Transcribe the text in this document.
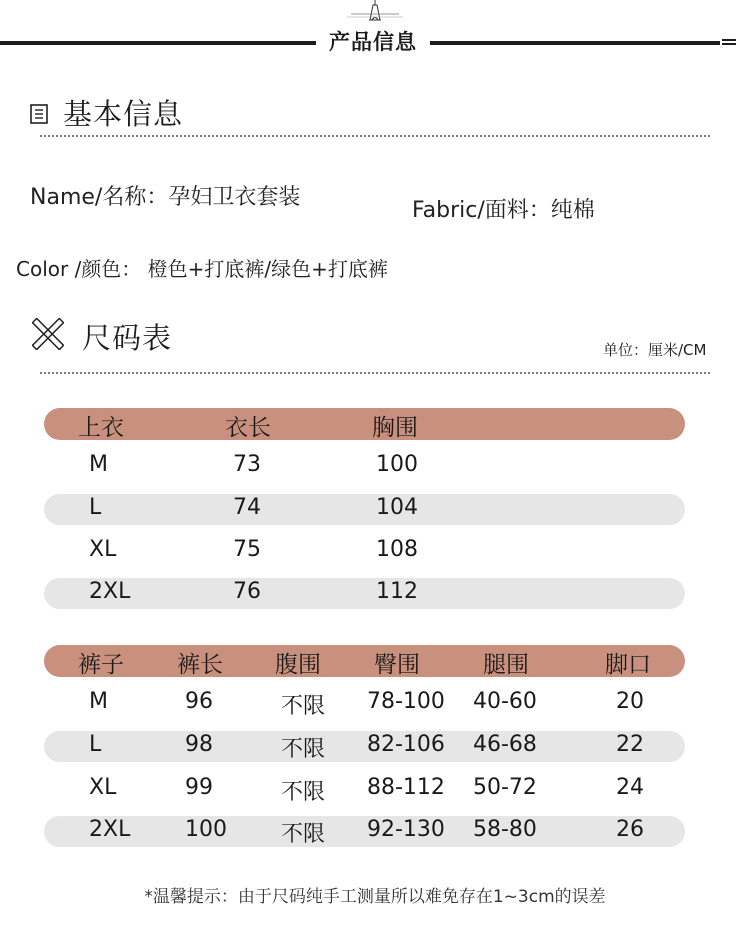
产品信息
基本信息
Name/名称：孕妇卫衣套装
Fabric/面料：纯棉
Color /颜色： 橙色+打底裤/绿色+打底裤
尺码表	单位：厘米/CM
上衣	衣长	胸围
M	73	100
L	74	104
XL	75	108
2XL	76	112
裤子 裤长 腹围 臀围	腿围	脚口
M	96	不限 78-100 40-60	20
L	98	不限 82-106 46-68	22
XL	99	不限 88-112 50-72	24
2XL 100 不限 92-130 58-80	26
*温馨提示：由于尺码纯手工测量所以难免存在1~3cm的误差
